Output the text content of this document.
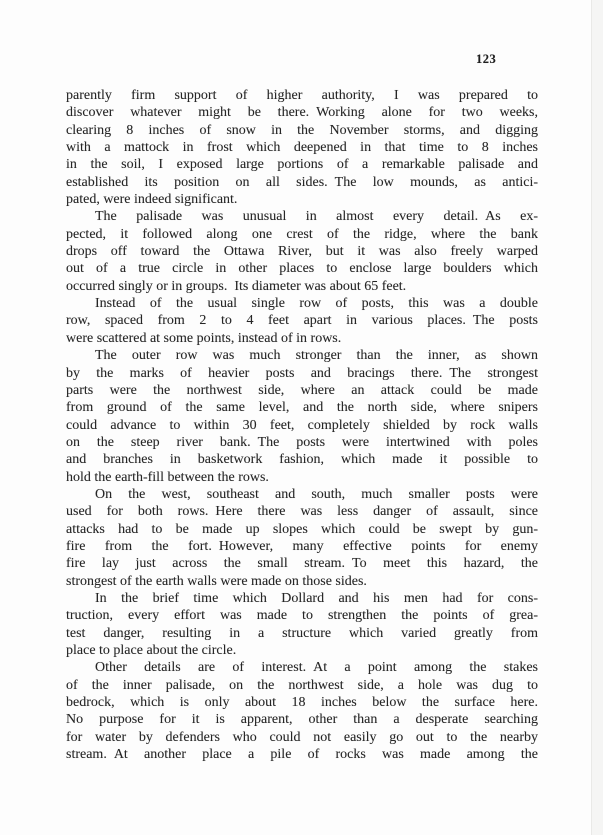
123
parently firm support of higher authority, I was prepared to
discover whatever might be there. Working alone for two weeks,
clearing 8 inches of snow in the November storms, and digging
with a mattock in frost which deepened in that time to 8 inches
in the soil, I exposed large portions of a remarkable palisade and
established its position on all sides. The low mounds, as antici-
pated, were indeed significant.
The palisade was unusual in almost every detail. As ex-
pected, it followed along one crest of the ridge, where the bank
drops off toward the Ottawa River, but it was also freely warped
out of a true circle in other places to enclose large boulders which
occurred singly or in groups. Its diameter was about 65 feet.
Instead of the usual single row of posts, this was a double
row, spaced from 2 to 4 feet apart in various places. The posts
were scattered at some points, instead of in rows.
The outer row was much stronger than the inner, as shown
by the marks of heavier posts and bracings there. The strongest
parts were the northwest side, where an attack could be made
from ground of the same level, and the north side, where snipers
could advance to within 30 feet, completely shielded by rock walls
on the steep river bank. The posts were intertwined with poles
and branches in basketwork fashion, which made it possible to
hold the earth-fill between the rows.
On the west, southeast and south, much smaller posts were
used for both rows. Here there was less danger of assault, since
attacks had to be made up slopes which could be swept by gun-
fire from the fort. However, many effective points for enemy
fire lay just across the small stream. To meet this hazard, the
strongest of the earth walls were made on those sides.
In the brief time which Dollard and his men had for cons-
truction, every effort was made to strengthen the points of grea-
test danger, resulting in a structure which varied greatly from
place to place about the circle.
Other details are of interest. At a point among the stakes
of the inner palisade, on the northwest side, a hole was dug to
bedrock, which is only about 18 inches below the surface here.
No purpose for it is apparent, other than a desperate searching
for water by defenders who could not easily go out to the nearby
stream. At another place a pile of rocks was made among the
